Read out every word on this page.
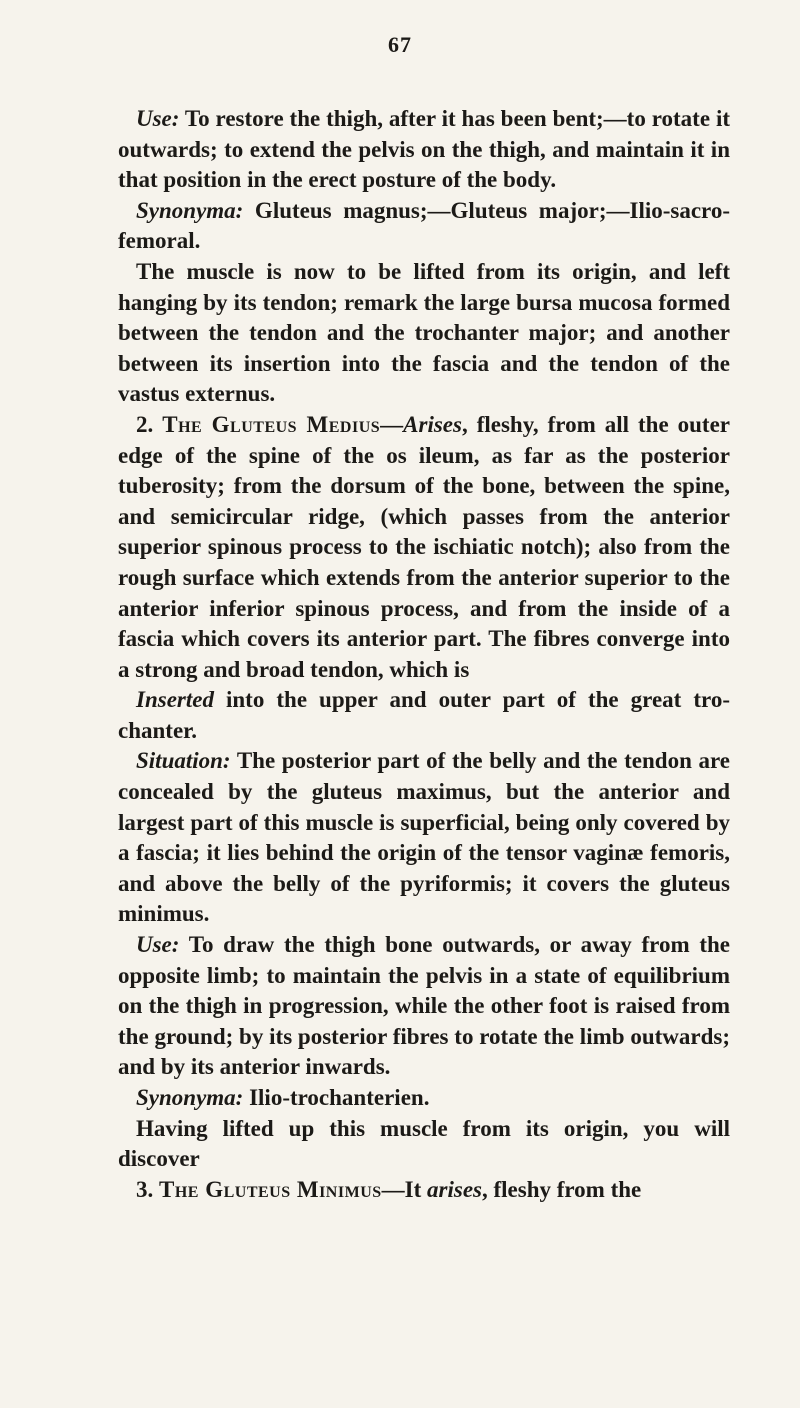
67

Use: To restore the thigh, after it has been bent;—to rotate it outwards; to extend the pelvis on the thigh, and maintain it in that position in the erect posture of the body.

Synonyma: Gluteus magnus;—Gluteus major;—Ilio-sacro-femoral.

The muscle is now to be lifted from its origin, and left hanging by its tendon; remark the large bursa mucosa formed between the tendon and the trochanter major; and another between its insertion into the fascia and the tendon of the vastus externus.

2. The Gluteus Medius—Arises, fleshy, from all the outer edge of the spine of the os ileum, as far as the posterior tuberosity; from the dorsum of the bone, between the spine, and semicircular ridge, (which passes from the anterior superior spinous process to the ischiatic notch); also from the rough surface which extends from the anterior superior to the anterior inferior spinous process, and from the inside of a fascia which covers its anterior part. The fibres converge into a strong and broad tendon, which is

Inserted into the upper and outer part of the great trochanter.

Situation: The posterior part of the belly and the tendon are concealed by the gluteus maximus, but the anterior and largest part of this muscle is superficial, being only covered by a fascia; it lies behind the origin of the tensor vaginæ femoris, and above the belly of the pyriformis; it covers the gluteus minimus.

Use: To draw the thigh bone outwards, or away from the opposite limb; to maintain the pelvis in a state of equilibrium on the thigh in progression, while the other foot is raised from the ground; by its posterior fibres to rotate the limb outwards; and by its anterior inwards.

Synonyma: Ilio-trochanterien.

Having lifted up this muscle from its origin, you will discover

3. The Gluteus Minimus—It arises, fleshy from the
